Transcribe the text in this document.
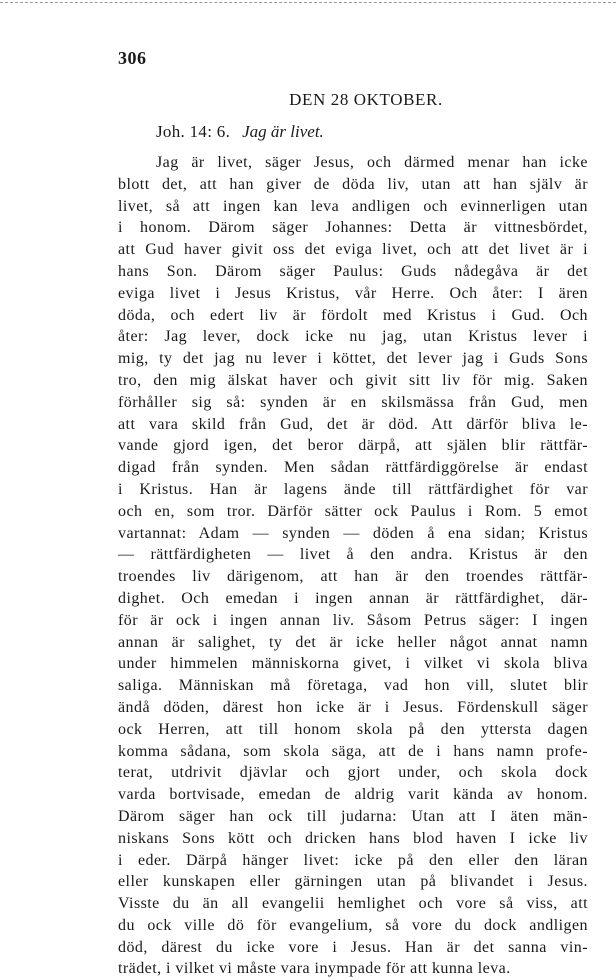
306
DEN 28 OKTOBER.
Joh. 14: 6. Jag är livet.
Jag är livet, säger Jesus, och därmed menar han icke
blott det, att han giver de döda liv, utan att han själv är
livet, så att ingen kan leva andligen och evinnerligen utan
i honom. Därom säger Johannes: Detta är vittnesbördet,
att Gud haver givit oss det eviga livet, och att det livet är i
hans Son. Därom säger Paulus: Guds nådegåva är det
eviga livet i Jesus Kristus, vår Herre. Och åter: I ären
döda, och edert liv är fördolt med Kristus i Gud. Och
åter: Jag lever, dock icke nu jag, utan Kristus lever i
mig, ty det jag nu lever i köttet, det lever jag i Guds Sons
tro, den mig älskat haver och givit sitt liv för mig. Saken
förhåller sig så: synden är en skilsmässa från Gud, men
att vara skild från Gud, det är död. Att därför bliva le-
vande gjord igen, det beror därpå, att själen blir rättfär-
digad från synden. Men sådan rättfärdiggörelse är endast
i Kristus. Han är lagens ände till rättfärdighet för var
och en, som tror. Därför sätter ock Paulus i Rom. 5 emot
vartannat: Adam — synden — döden å ena sidan; Kristus
— rättfärdigheten — livet å den andra. Kristus är den
troendes liv därigenom, att han är den troendes rättfär-
dighet. Och emedan i ingen annan är rättfärdighet, där-
för är ock i ingen annan liv. Såsom Petrus säger: I ingen
annan är salighet, ty det är icke heller något annat namn
under himmelen människorna givet, i vilket vi skola bliva
saliga. Människan må företaga, vad hon vill, slutet blir
ändå döden, därest hon icke är i Jesus. Fördenskull säger
ock Herren, att till honom skola på den yttersta dagen
komma sådana, som skola säga, att de i hans namn profe-
terat, utdrivit djävlar och gjort under, och skola dock
varda bortvisade, emedan de aldrig varit kända av honom.
Därom säger han ock till judarna: Utan att I äten män-
niskans Sons kött och dricken hans blod haven I icke liv
i eder. Därpå hänger livet: icke på den eller den läran
eller kunskapen eller gärningen utan på blivandet i Jesus.
Visste du än all evangelii hemlighet och vore så viss, att
du ock ville dö för evangelium, så vore du dock andligen
död, därest du icke vore i Jesus. Han är det sanna vin-
trädet, i vilket vi måste vara inympade för att kunna leva.
